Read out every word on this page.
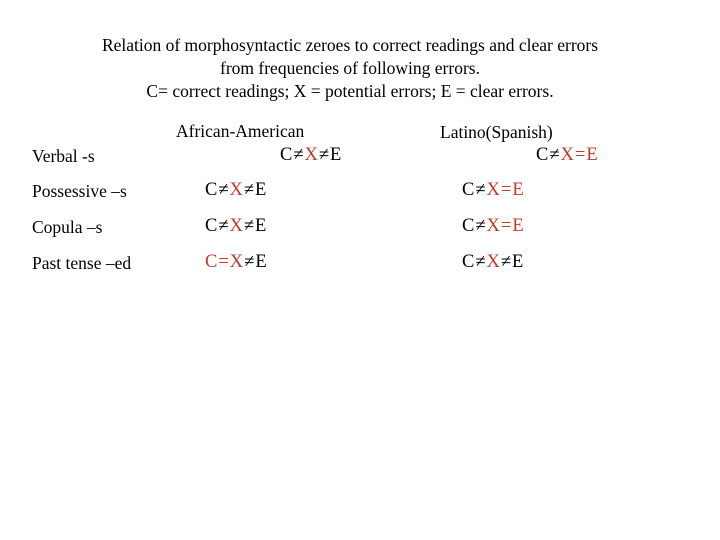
Relation of morphosyntactic zeroes to correct readings and clear errors
from frequencies of following errors.
C= correct readings; X = potential errors; E = clear errors.
African-American	Latino(Spanish)
Verbal -s	C≠X≠E	C≠X=E
Possessive –s	C≠X≠E	C≠X=E
Copula –s	C≠X≠E	C≠X=E
Past tense –ed	C=X≠E	C≠X≠E
